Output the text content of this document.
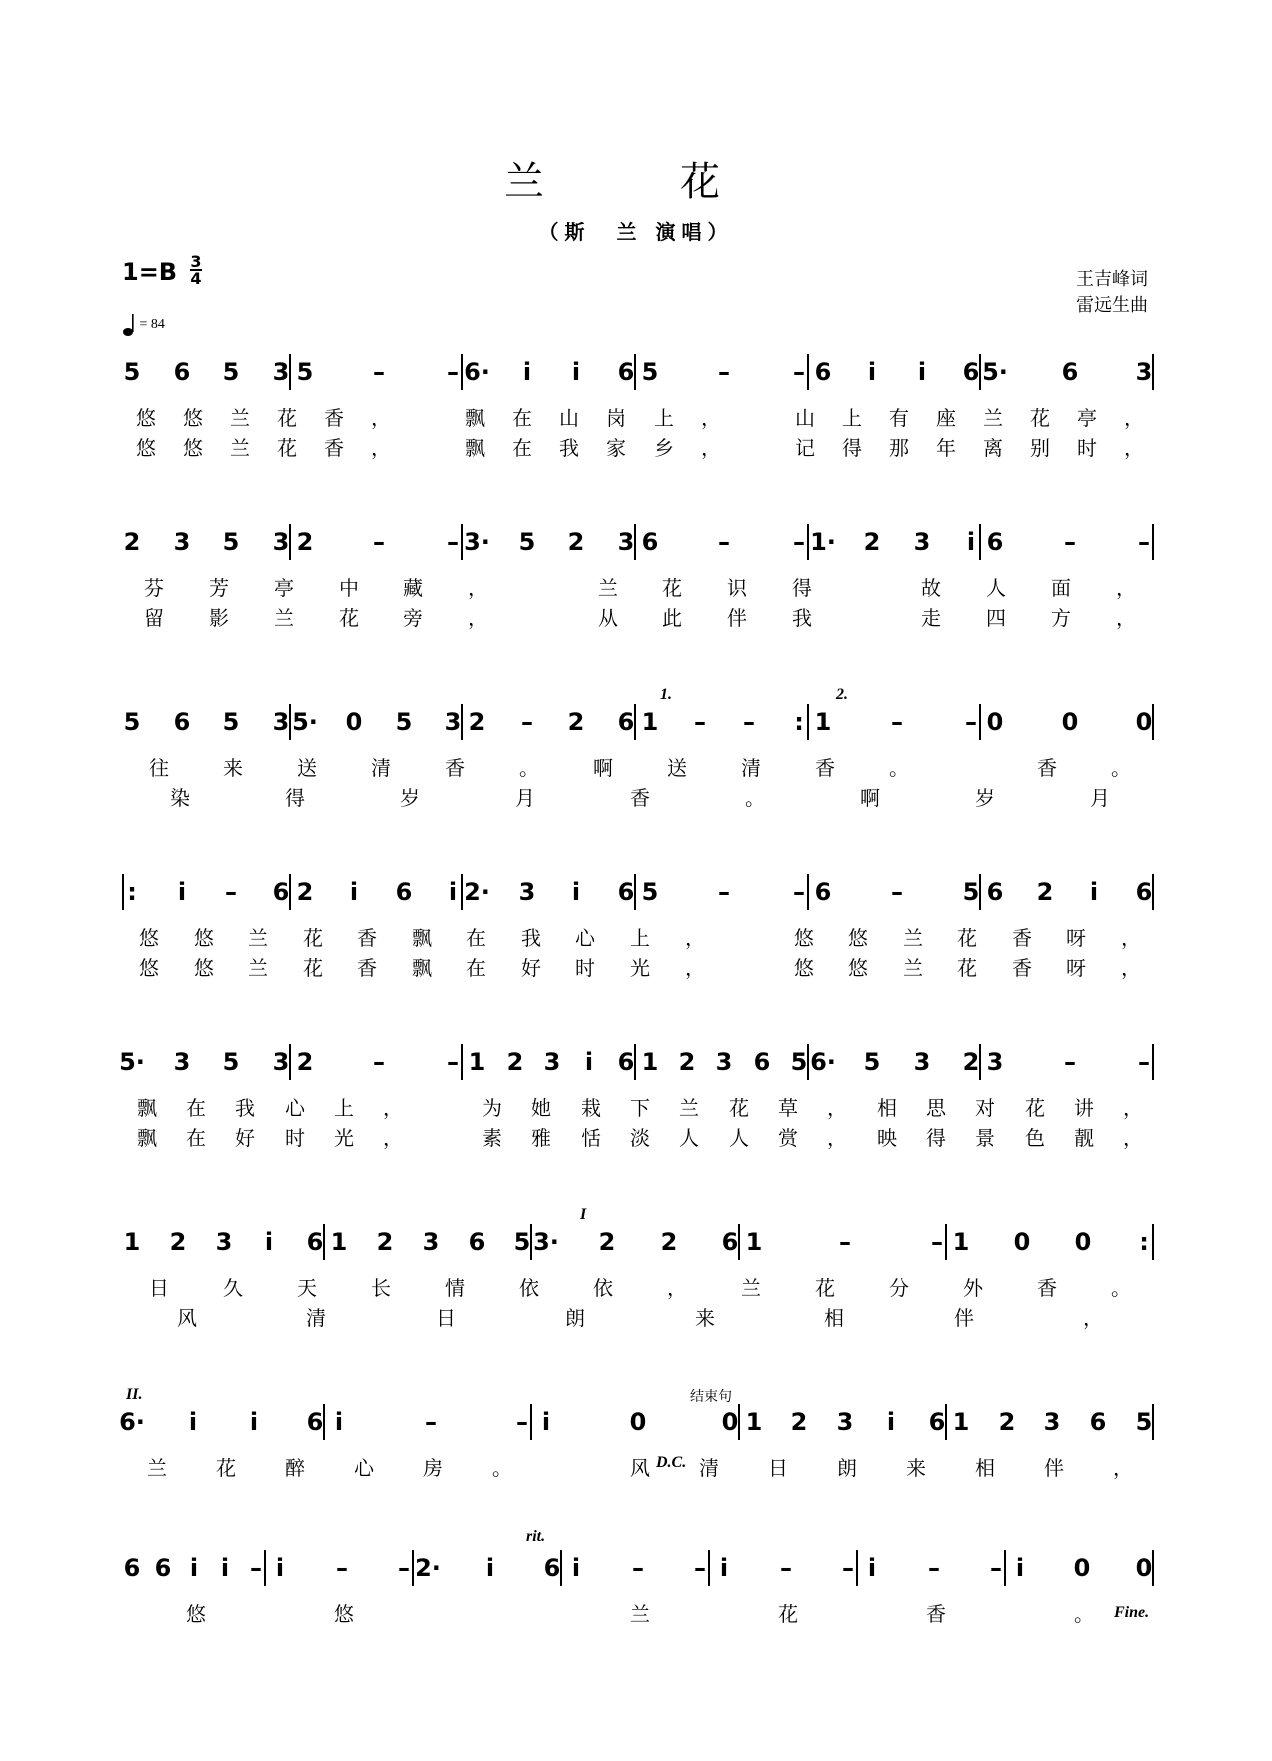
兰　花
（斯　兰 演唱）
王吉峰词
雷远生曲
1=B 3
4
= 84
5 6 5 3 5 –	– 6· i i 6 5 –	– 6 i i 6 5· 6 3
悠 悠 兰 花 香 ，	飘 在 山 岗 上 ，	山 上 有 座 兰 花 亭 ，
悠 悠 兰 花 香 ，	飘 在 我 家 乡 ，	记 得 那 年 离 别 时 ，
2 3 5 3 2 –	– 3· 5 2 3 6 –	– 1· 2 3 i 6	–	–
芬 芳 亭 中 藏 ，	兰 花 识 得	故 人 面 ，
留 影 兰 花 旁 ，	从 此 伴 我	走 四 方 ，
5 6 5 3 5· 0 5 3 2 – 2 6 1 – – : 1 –	– 0 0 0
往	来	送	清	香	。	啊	送	清	香	。	香	。
染	得	岁	月	香	。	啊	岁	月
: i – 6 2 i 6 i 2· 3 i 6 5 –	– 6 – 5 6 2 i 6
悠 悠 兰 花 香 飘 在 我 心 上 ，	悠 悠 兰 花 香 呀 ，
悠 悠 兰 花 香 飘 在 好 时 光 ，	悠 悠 兰 花 香 呀 ，
5· 3 5 3 2 –	– 1 2 3 i 6 1 2 3 6 5 6· 5 3 2 3	–	–
飘 在 我 心 上 ，	为 她 栽 下 兰 花 草 ， 相 思 对 花 讲 ，
飘 在 好 时 光 ，	素 雅 恬 淡 人 人 赏 ， 映 得 景 色 靓 ，
1 2 3 i 6 1 2 3 6 5 3· 2 2 6 1	–	– 1 0 0 :
日	久	天	长	情	依	依	，	兰	花	分	外	香	。
风	清	日	朗	来	相	伴	，
6· i i 6 i	–	– i	0	0 1 2 3 i 6 1 2 3 6 5
兰 花 醉 心 房 。	风 清 日 朗 来 相 伴 ，
6 6 i i – i – – 2· i 6 i – – i – – i – – i 0 0
悠	悠	兰	花	香	。
1.	2.
I
II.	结束句
D.C.
rit.
Fine.
